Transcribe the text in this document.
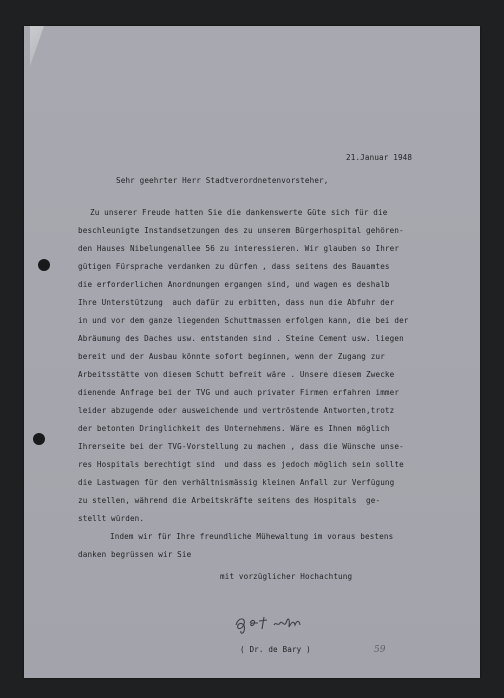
21.Januar 1948
Sehr geehrter Herr Stadtverordnetenvorsteher,
Zu unserer Freude hatten Sie die dankenswerte Güte sich für die
beschleunigte Instandsetzungen des zu unserem Bürgerhospital gehören-
den Hauses Nibelungenallee 56 zu interessieren. Wir glauben so Ihrer
gütigen Fürsprache verdanken zu dürfen , dass seitens des Bauamtes
die erforderlichen Anordnungen ergangen sind, und wagen es deshalb
Ihre Unterstützung  auch dafür zu erbitten, dass nun die Abfuhr der
in und vor dem ganze liegenden Schuttmassen erfolgen kann, die bei der
Abräumung des Daches usw. entstanden sind . Steine Cement usw. liegen
bereit und der Ausbau könnte sofort beginnen, wenn der Zugang zur
Arbeitsstätte von diesem Schutt befreit wäre . Unsere diesem Zwecke
dienende Anfrage bei der TVG und auch privater Firmen erfahren immer
leider abzugende oder ausweichende und vertröstende Antworten,trotz
der betonten Dringlichkeit des Unternehmens. Wäre es Ihnen möglich
Ihrerseite bei der TVG-Vorstellung zu machen , dass die Wünsche unse-
res Hospitals berechtigt sind  und dass es jedoch möglich sein sollte
die Lastwagen für den verhältnismässig kleinen Anfall zur Verfügung
zu stellen, während die Arbeitskräfte seitens des Hospitals  ge-
stellt würden.
Indem wir für Ihre freundliche Mühewaltung im voraus bestens
danken begrüssen wir Sie
mit vorzüglicher Hochachtung
( Dr. de Bary )	59
